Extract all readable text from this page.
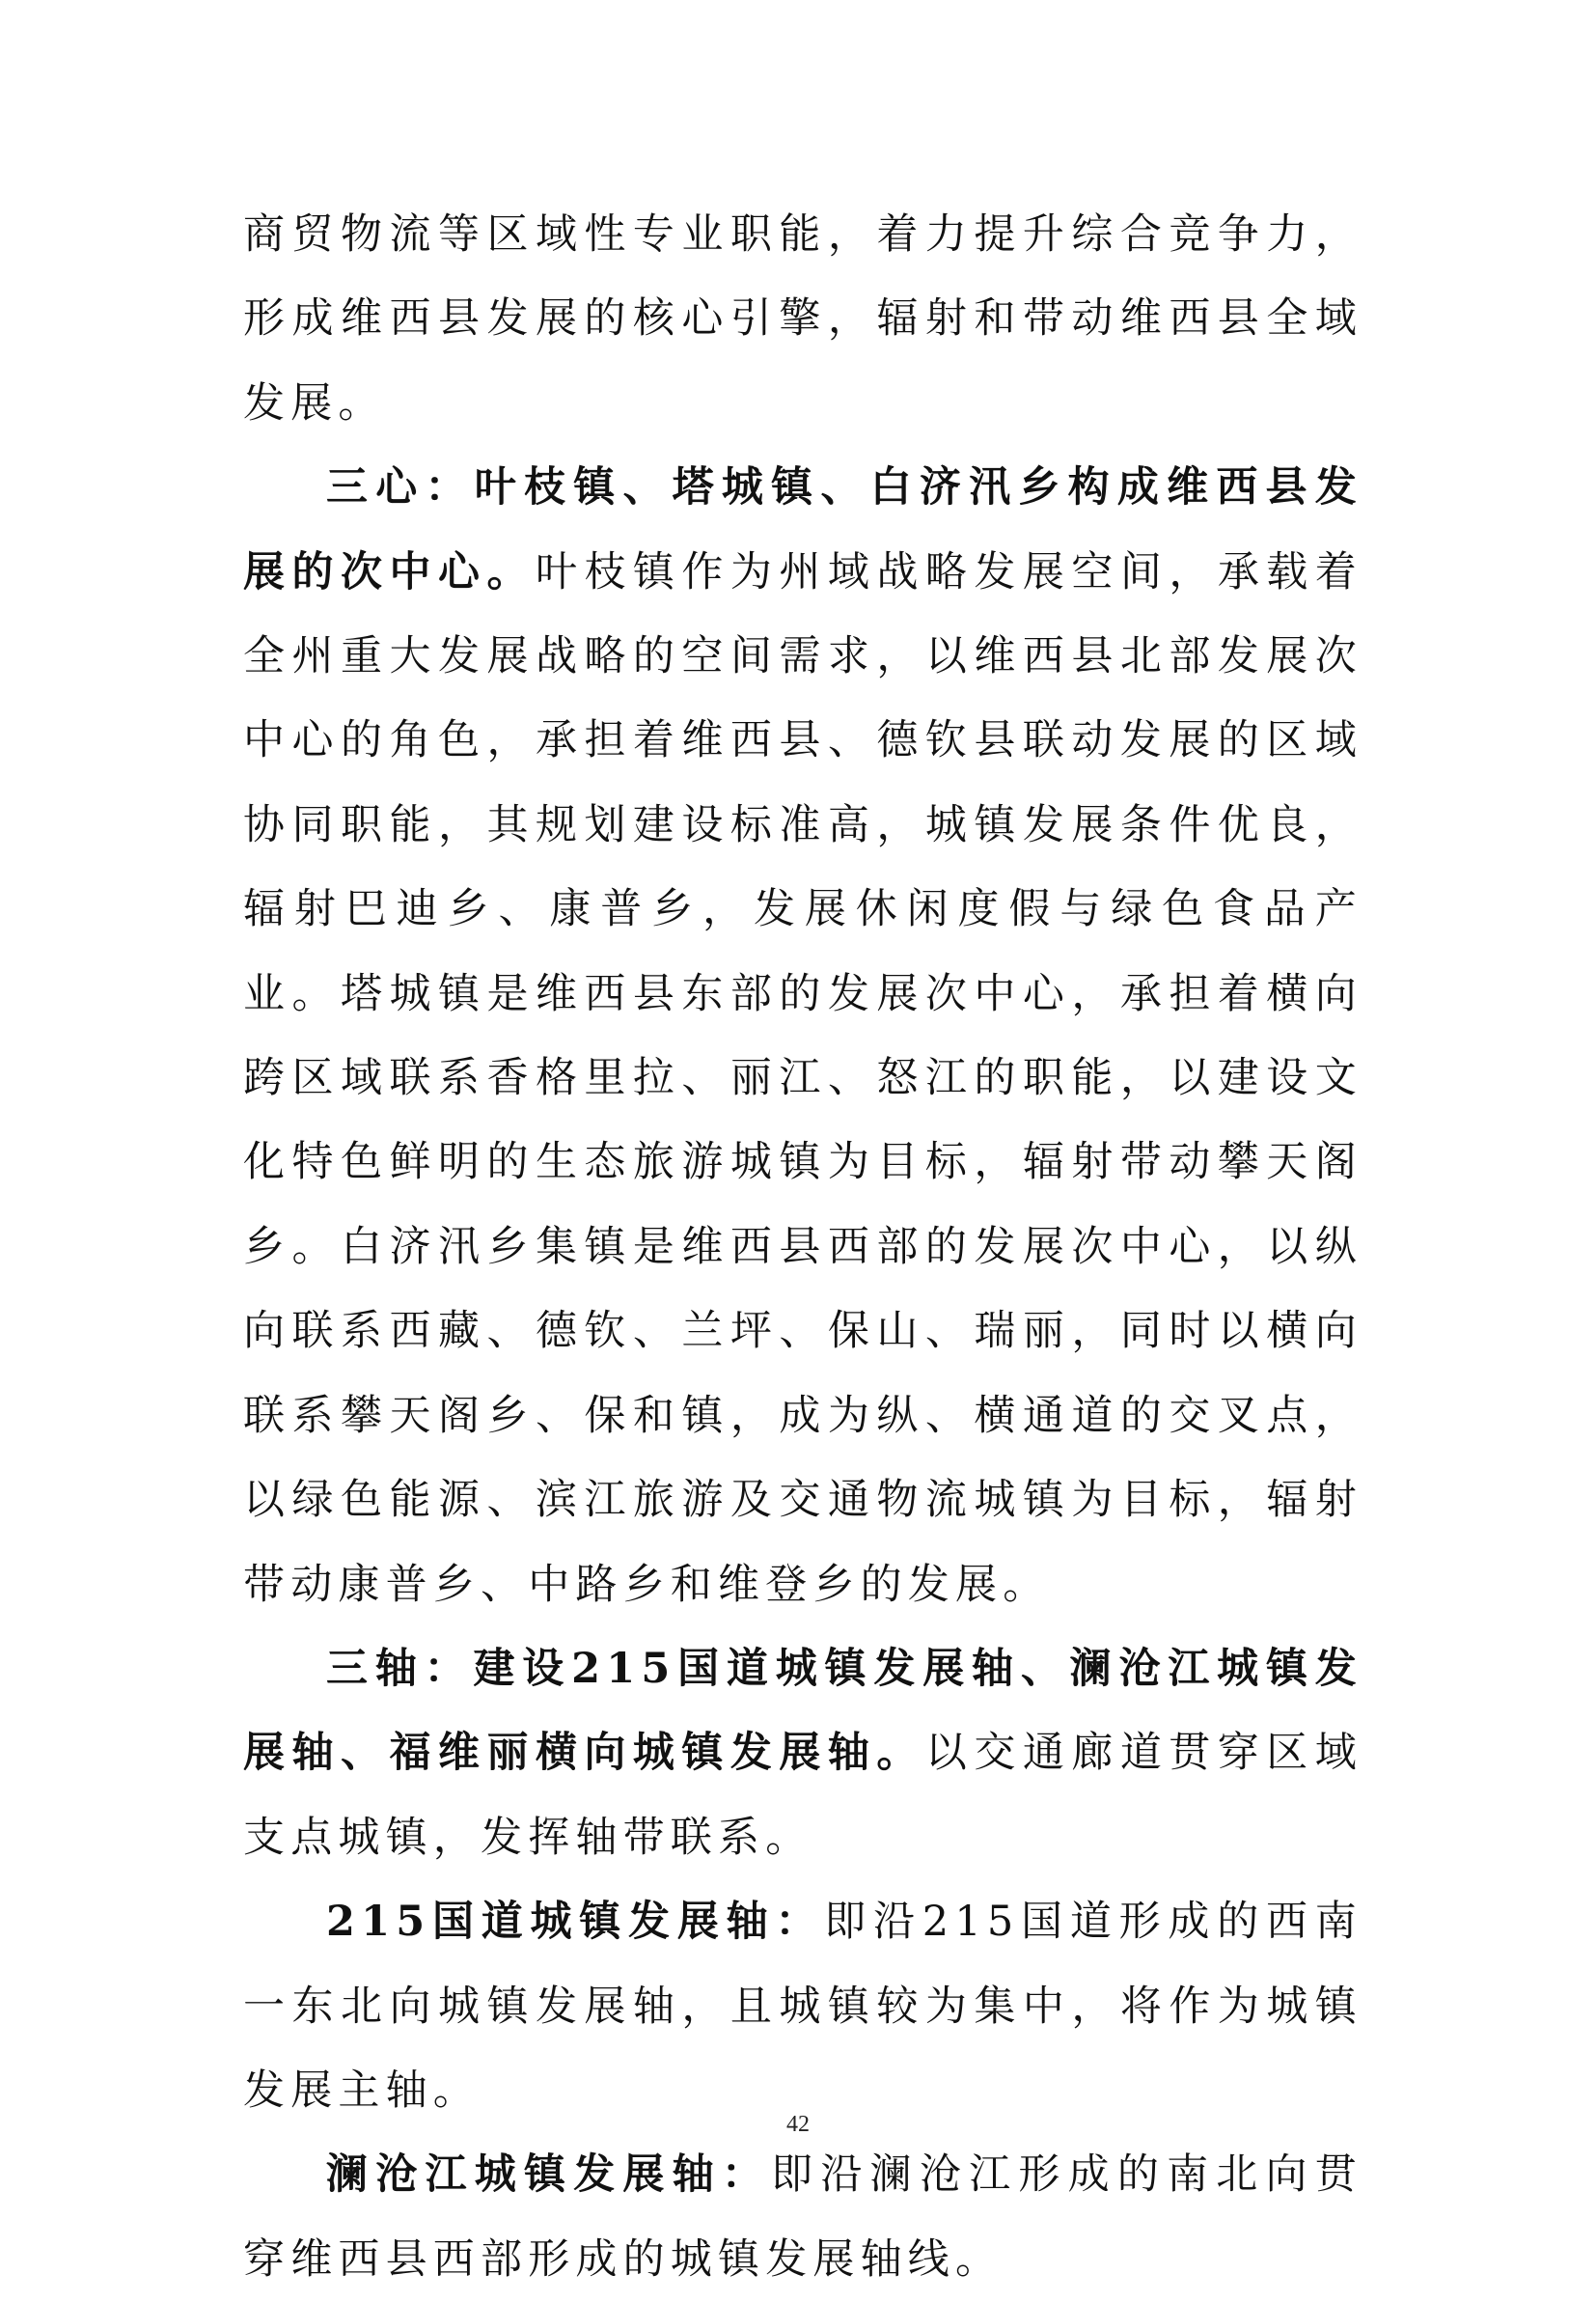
商贸物流等区域性专业职能，着力提升综合竞争力，形成维西县发展的核心引擎，辐射和带动维西县全域发展。

三心：叶枝镇、塔城镇、白济汛乡构成维西县发展的次中心。叶枝镇作为州域战略发展空间，承载着全州重大发展战略的空间需求，以维西县北部发展次中心的角色，承担着维西县、德钦县联动发展的区域协同职能，其规划建设标准高，城镇发展条件优良，辐射巴迪乡、康普乡，发展休闲度假与绿色食品产业。塔城镇是维西县东部的发展次中心，承担着横向跨区域联系香格里拉、丽江、怒江的职能，以建设文化特色鲜明的生态旅游城镇为目标，辐射带动攀天阁乡。白济汛乡集镇是维西县西部的发展次中心，以纵向联系西藏、德钦、兰坪、保山、瑞丽，同时以横向联系攀天阁乡、保和镇，成为纵、横通道的交叉点，以绿色能源、滨江旅游及交通物流城镇为目标，辐射带动康普乡、中路乡和维登乡的发展。

三轴：建设215国道城镇发展轴、澜沧江城镇发展轴、福维丽横向城镇发展轴。以交通廊道贯穿区域支点城镇，发挥轴带联系。

215国道城镇发展轴：即沿215国道形成的西南一东北向城镇发展轴，且城镇较为集中，将作为城镇发展主轴。

澜沧江城镇发展轴：即沿澜沧江形成的南北向贯穿维西县西部形成的城镇发展轴线。

42
